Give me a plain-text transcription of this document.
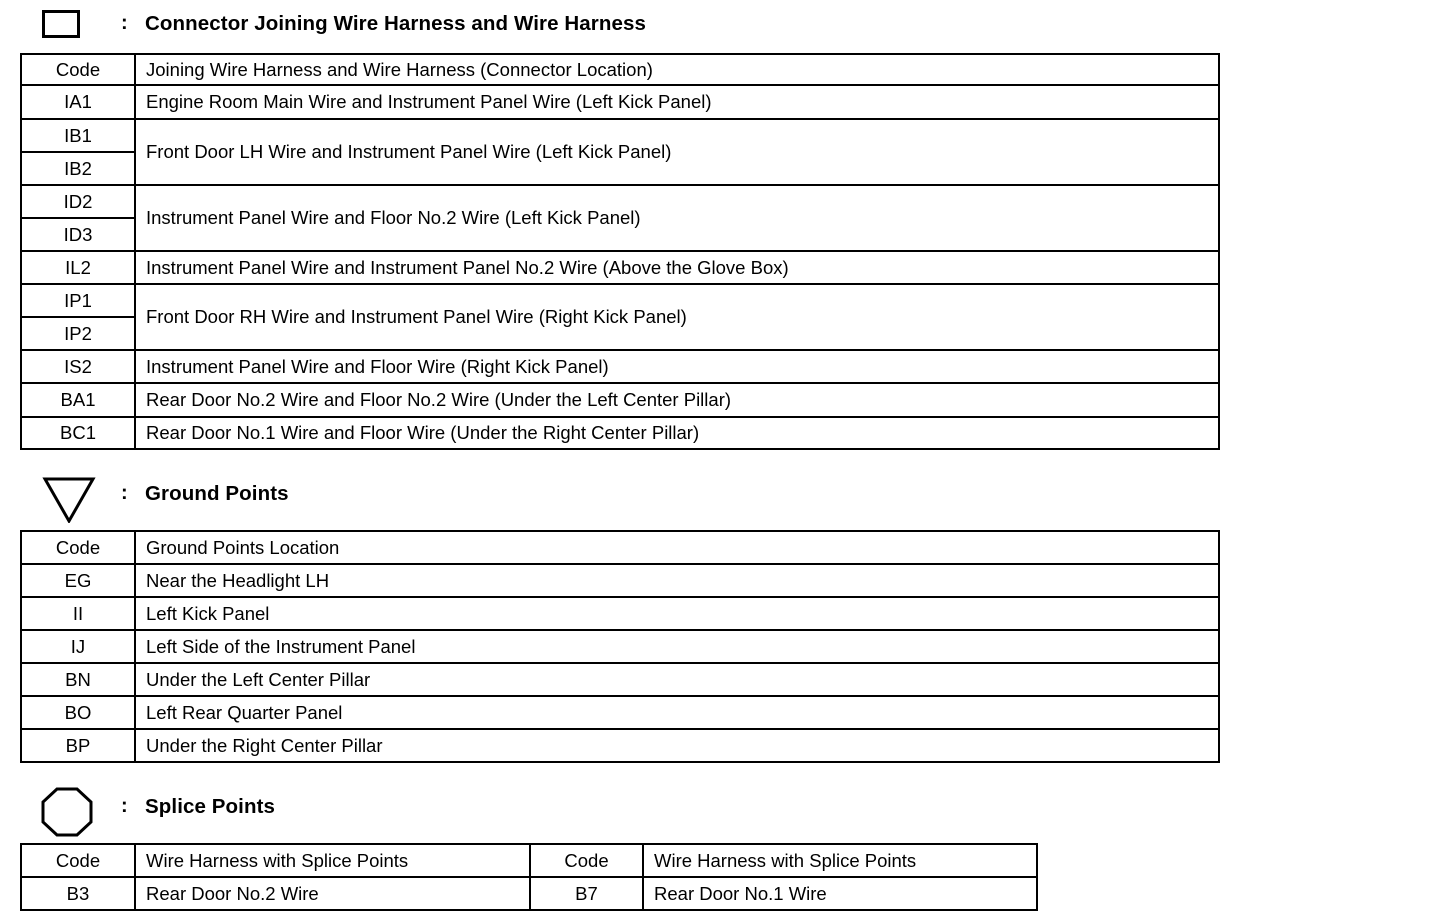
: Connector Joining Wire Harness and Wire Harness
Code	Joining Wire Harness and Wire Harness (Connector Location)
IA1	Engine Room Main Wire and Instrument Panel Wire (Left Kick Panel)
IB1	Front Door LH Wire and Instrument Panel Wire (Left Kick Panel)
IB2	
ID2	Instrument Panel Wire and Floor No.2 Wire (Left Kick Panel)
ID3	
IL2	Instrument Panel Wire and Instrument Panel No.2 Wire (Above the Glove Box)
IP1	Front Door RH Wire and Instrument Panel Wire (Right Kick Panel)
IP2	
IS2	Instrument Panel Wire and Floor Wire (Right Kick Panel)
BA1	Rear Door No.2 Wire and Floor No.2 Wire (Under the Left Center Pillar)
BC1	Rear Door No.1 Wire and Floor Wire (Under the Right Center Pillar)
: Ground Points
Code	Ground Points Location
EG	Near the Headlight LH
II	Left Kick Panel
IJ	Left Side of the Instrument Panel
BN	Under the Left Center Pillar
BO	Left Rear Quarter Panel
BP	Under the Right Center Pillar
: Splice Points
Code	Wire Harness with Splice Points	Code	Wire Harness with Splice Points
B3	Rear Door No.2 Wire	B7	Rear Door No.1 Wire
